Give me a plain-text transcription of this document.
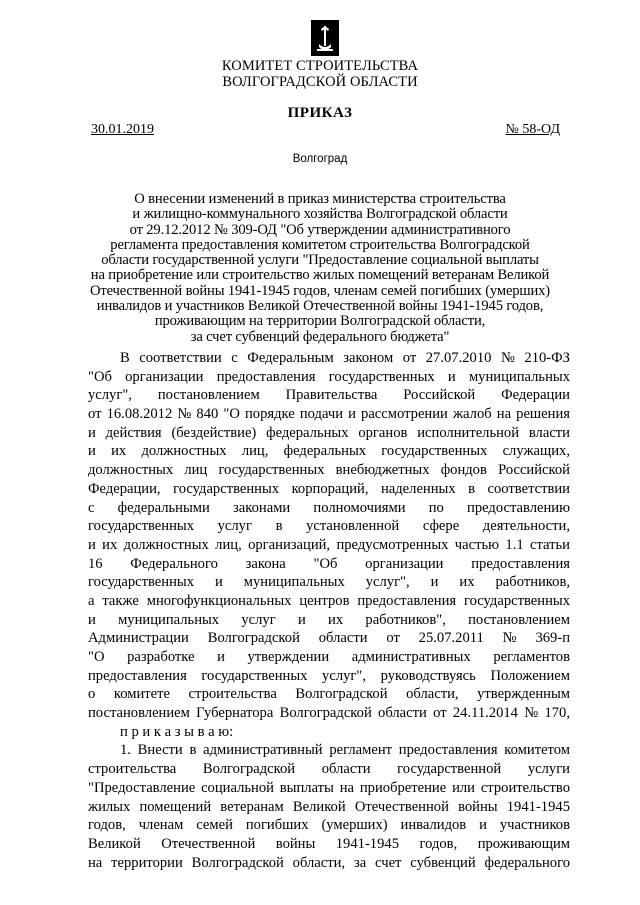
КОМИТЕТ СТРОИТЕЛЬСТВА
ВОЛГОГРАДСКОЙ ОБЛАСТИ
ПРИКАЗ
30.01.2019	№ 58-ОД
Волгоград
О внесении изменений в приказ министерства строительства
и жилищно-коммунального хозяйства Волгоградской области
от 29.12.2012 № 309-ОД "Об утверждении административного
регламента предоставления комитетом строительства Волгоградской
области государственной услуги "Предоставление социальной выплаты
на приобретение или строительство жилых помещений ветеранам Великой
Отечественной войны 1941-1945 годов, членам семей погибших (умерших)
инвалидов и участников Великой Отечественной войны 1941-1945 годов,
проживающим на территории Волгоградской области,
за счет субвенций федерального бюджета"
В соответствии с Федеральным законом от 27.07.2010 № 210-ФЗ
"Об организации предоставления государственных и муниципальных
услуг", постановлением Правительства Российской Федерации
от 16.08.2012 № 840 "О порядке подачи и рассмотрении жалоб на решения
и действия (бездействие) федеральных органов исполнительной власти
и их должностных лиц, федеральных государственных служащих,
должностных лиц государственных внебюджетных фондов Российской
Федерации, государственных корпораций, наделенных в соответствии
с федеральными законами полномочиями по предоставлению
государственных услуг в установленной сфере деятельности,
и их должностных лиц, организаций, предусмотренных частью 1.1 статьи
16 Федерального закона "Об организации предоставления
государственных и муниципальных услуг", и их работников,
а также многофункциональных центров предоставления государственных
и муниципальных услуг и их работников", постановлением
Администрации Волгоградской области от 25.07.2011 № 369-п
"О разработке и утверждении административных регламентов
предоставления государственных услуг", руководствуясь Положением
о комитете строительства Волгоградской области, утвержденным
постановлением Губернатора Волгоградской области от 24.11.2014 № 170,
п р и к а з ы в а ю:
1. Внести в административный регламент предоставления комитетом
строительства Волгоградской области государственной услуги
"Предоставление социальной выплаты на приобретение или строительство
жилых помещений ветеранам Великой Отечественной войны 1941-1945
годов, членам семей погибших (умерших) инвалидов и участников
Великой Отечественной войны 1941-1945 годов, проживающим
на территории Волгоградской области, за счет субвенций федерального
